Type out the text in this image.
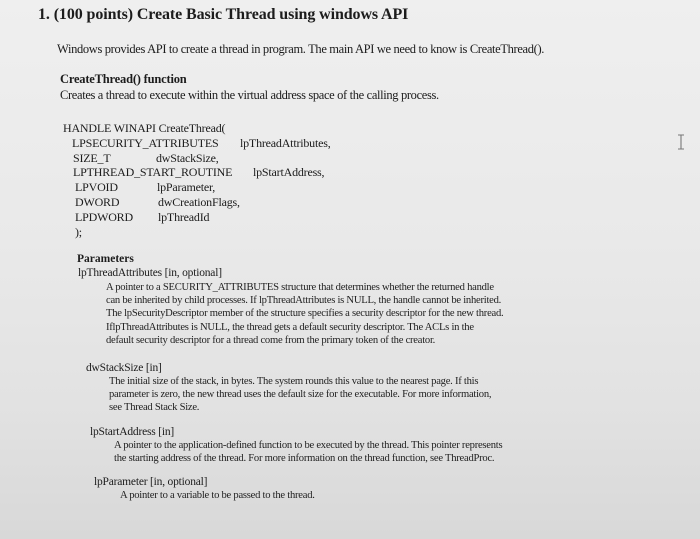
1. (100 points) Create Basic Thread using windows API
Windows provides API to create a thread in program. The main API we need to know is CreateThread().
CreateThread() function
Creates a thread to execute within the virtual address space of the calling process.
HANDLE WINAPI CreateThread(
LPSECURITY_ATTRIBUTES lpThreadAttributes,
SIZE_T	dwStackSize,
LPTHREAD_START_ROUTINE lpStartAddress,
LPVOID	lpParameter,
DWORD	dwCreationFlags,
LPDWORD lpThreadId
);
Parameters
lpThreadAttributes [in, optional]
A pointer to a SECURITY_ATTRIBUTES structure that determines whether the returned handle
can be inherited by child processes. If lpThreadAttributes is NULL, the handle cannot be inherited.
The lpSecurityDescriptor member of the structure specifies a security descriptor for the new thread.
IflpThreadAttributes is NULL, the thread gets a default security descriptor. The ACLs in the
default security descriptor for a thread come from the primary token of the creator.
dwStackSize [in]
The initial size of the stack, in bytes. The system rounds this value to the nearest page. If this
parameter is zero, the new thread uses the default size for the executable. For more information,
see Thread Stack Size.
lpStartAddress [in]
A pointer to the application-defined function to be executed by the thread. This pointer represents
the starting address of the thread. For more information on the thread function, see ThreadProc.
lpParameter [in, optional]
A pointer to a variable to be passed to the thread.
